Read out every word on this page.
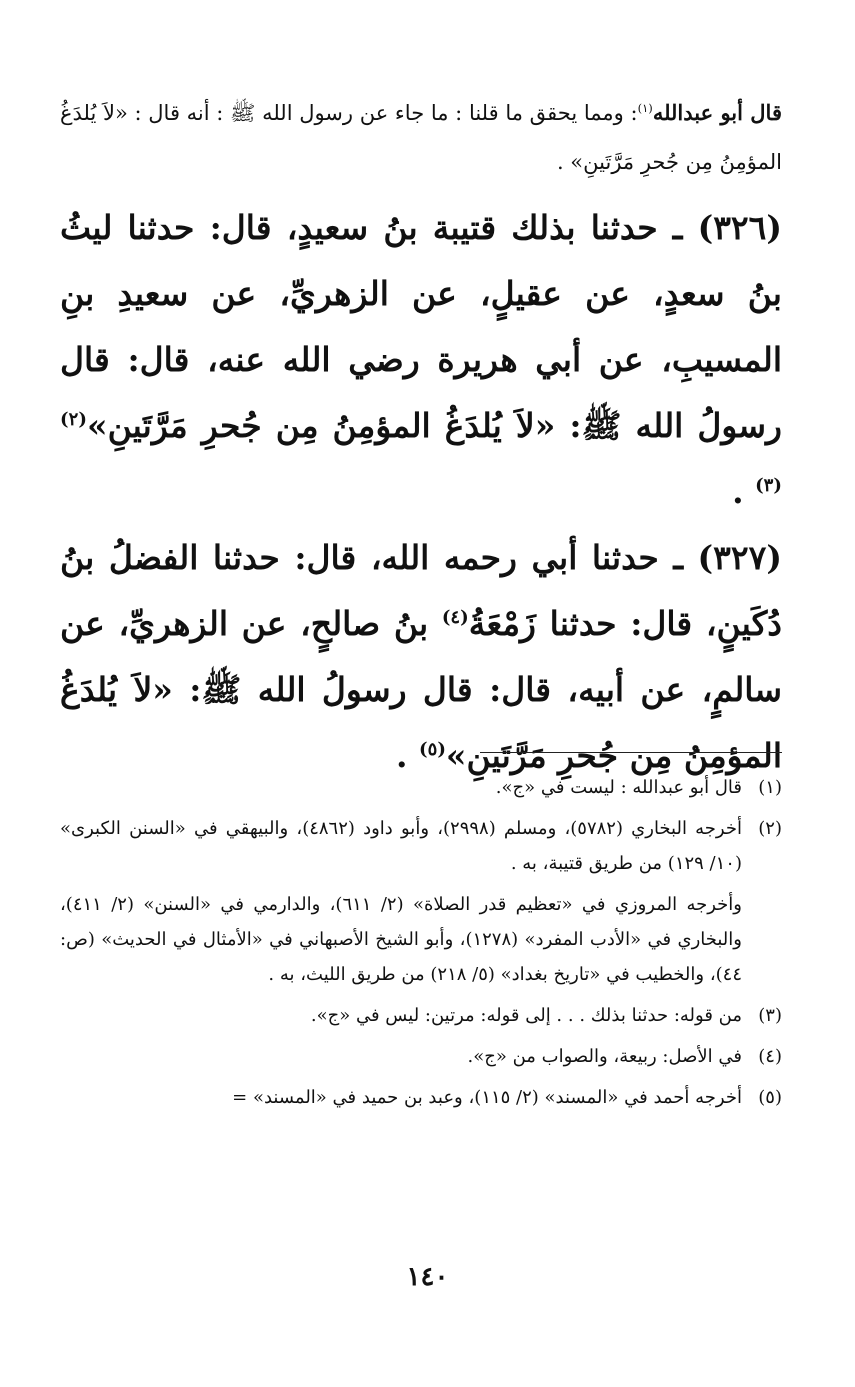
قال أبو عبدالله$^{(١)}$: ومما يحقق ما قلنا : ما جاء عن رسول الله ﷺ : أنه قال : «لاَ يُلدَغُ المؤمِنُ مِن جُحرِ مَرَّتَينِ» .

(٣٢٦) ـ حدثنا بذلك قتيبة بنُ سعيدٍ، قال: حدثنا ليثُ بنُ سعدٍ، عن عقيلٍ، عن الزهريِّ، عن سعيدِ بنِ المسيبِ، عن أبي هريرة رضي الله عنه، قال: قال رسولُ الله ﷺ: «لاَ يُلدَغُ المؤمِنُ مِن جُحرِ مَرَّتَينِ»$^{(٢) (٣)}$ .

(٣٢٧) ـ حدثنا أبي رحمه الله، قال: حدثنا الفضلُ بنُ دُكَينٍ، قال: حدثنا زَمْعَةُ$^{(٤)}$ بنُ صالحٍ، عن الزهريِّ، عن سالمٍ، عن أبيه، قال: قال رسولُ الله ﷺ: «لاَ يُلدَغُ المؤمِنُ مِن جُحرِ مَرَّتَينِ»$^{(٥)}$ .

(١)

قال أبو عبدالله : ليست في «ج».

(٢)

أخرجه البخاري (٥٧٨٢)، ومسلم (٢٩٩٨)، وأبو داود (٤٨٦٢)، والبيهقي في «السنن الكبرى» (١٠/ ١٢٩) من طريق قتيبة، به .

وأخرجه المروزي في «تعظيم قدر الصلاة» (٢/ ٦١١)، والدارمي في «السنن» (٢/ ٤١١)، والبخاري في «الأدب المفرد» (١٢٧٨)، وأبو الشيخ الأصبهاني في «الأمثال في الحديث» (ص: ٤٤)، والخطيب في «تاريخ بغداد» (٥/ ٢١٨) من طريق الليث، به .

(٣)

من قوله: حدثنا بذلك . . . إلى قوله: مرتين: ليس في «ج».

(٤)

في الأصل: ربيعة، والصواب من «ج».

(٥)

أخرجه أحمد في «المسند» (٢/ ١١٥)، وعبد بن حميد في «المسند» =

١٤٠
